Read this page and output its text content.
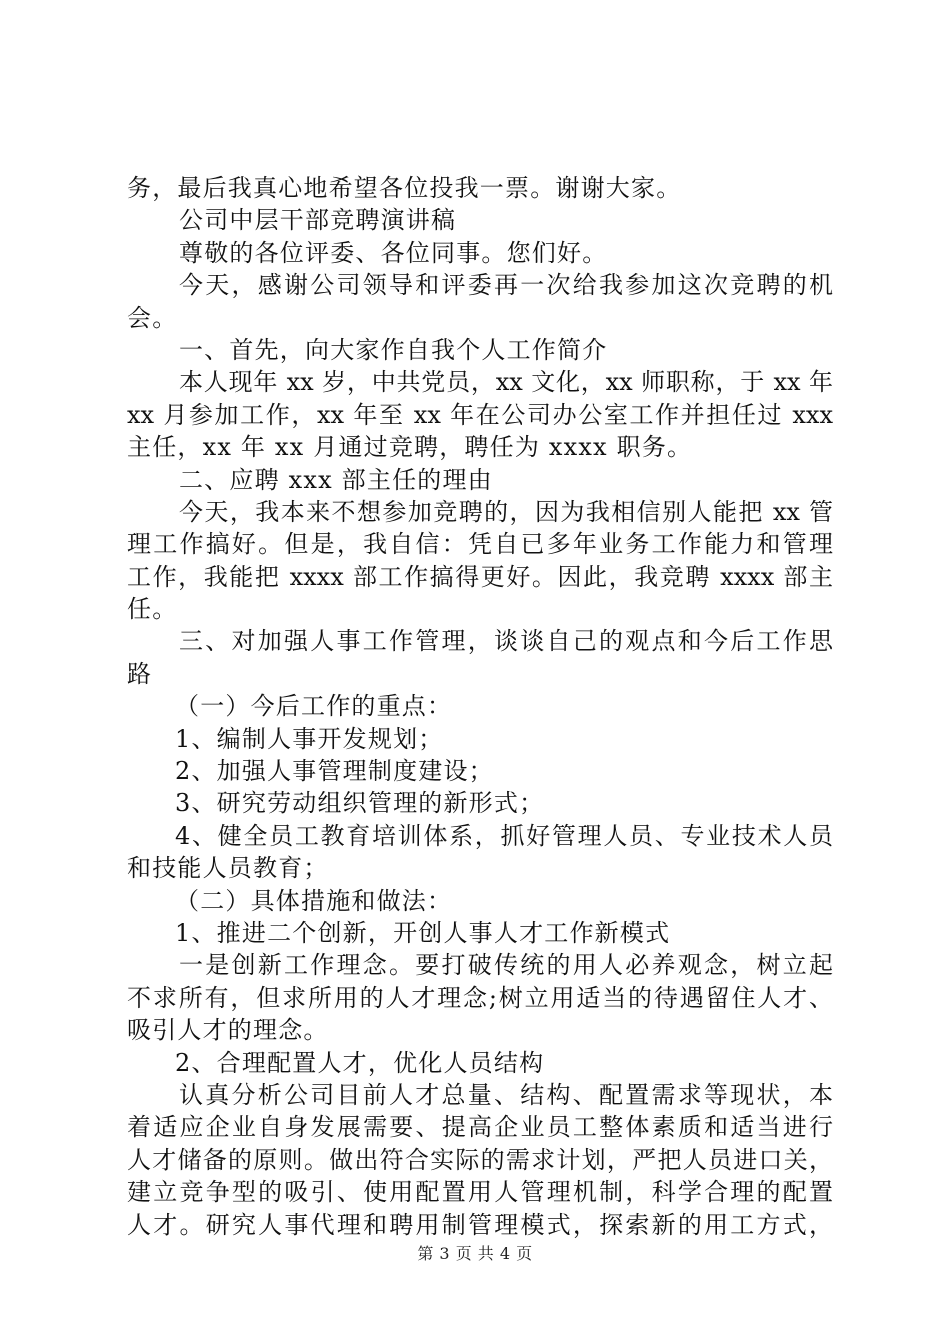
务，最后我真心地希望各位投我一票。谢谢大家。
公司中层干部竞聘演讲稿
尊敬的各位评委、各位同事。您们好。
今天，感谢公司领导和评委再一次给我参加这次竞聘的机
会。
一、首先，向大家作自我个人工作简介
本人现年 xx 岁，中共党员，xx 文化，xx 师职称，于 xx 年
xx 月参加工作，xx 年至 xx 年在公司办公室工作并担任过 xxx
主任，xx 年 xx 月通过竞聘，聘任为 xxxx 职务。
二、应聘 xxx 部主任的理由
今天，我本来不想参加竞聘的，因为我相信别人能把 xx 管
理工作搞好。但是，我自信：凭自已多年业务工作能力和管理
工作，我能把 xxxx 部工作搞得更好。因此，我竞聘 xxxx 部主
任。
三、对加强人事工作管理，谈谈自己的观点和今后工作思
路
（一）今后工作的重点：
1、编制人事开发规划；
2、加强人事管理制度建设；
3、研究劳动组织管理的新形式；
4、健全员工教育培训体系，抓好管理人员、专业技术人员
和技能人员教育；
（二）具体措施和做法：
1、推进二个创新，开创人事人才工作新模式
一是创新工作理念。要打破传统的用人必养观念，树立起
不求所有，但求所用的人才理念;树立用适当的待遇留住人才、
吸引人才的理念。
2、合理配置人才，优化人员结构
认真分析公司目前人才总量、结构、配置需求等现状，本
着适应企业自身发展需要、提高企业员工整体素质和适当进行
人才储备的原则。做出符合实际的需求计划，严把人员进口关，
建立竞争型的吸引、使用配置用人管理机制，科学合理的配置
人才。研究人事代理和聘用制管理模式，探索新的用工方式，
第 3 页 共 4 页
